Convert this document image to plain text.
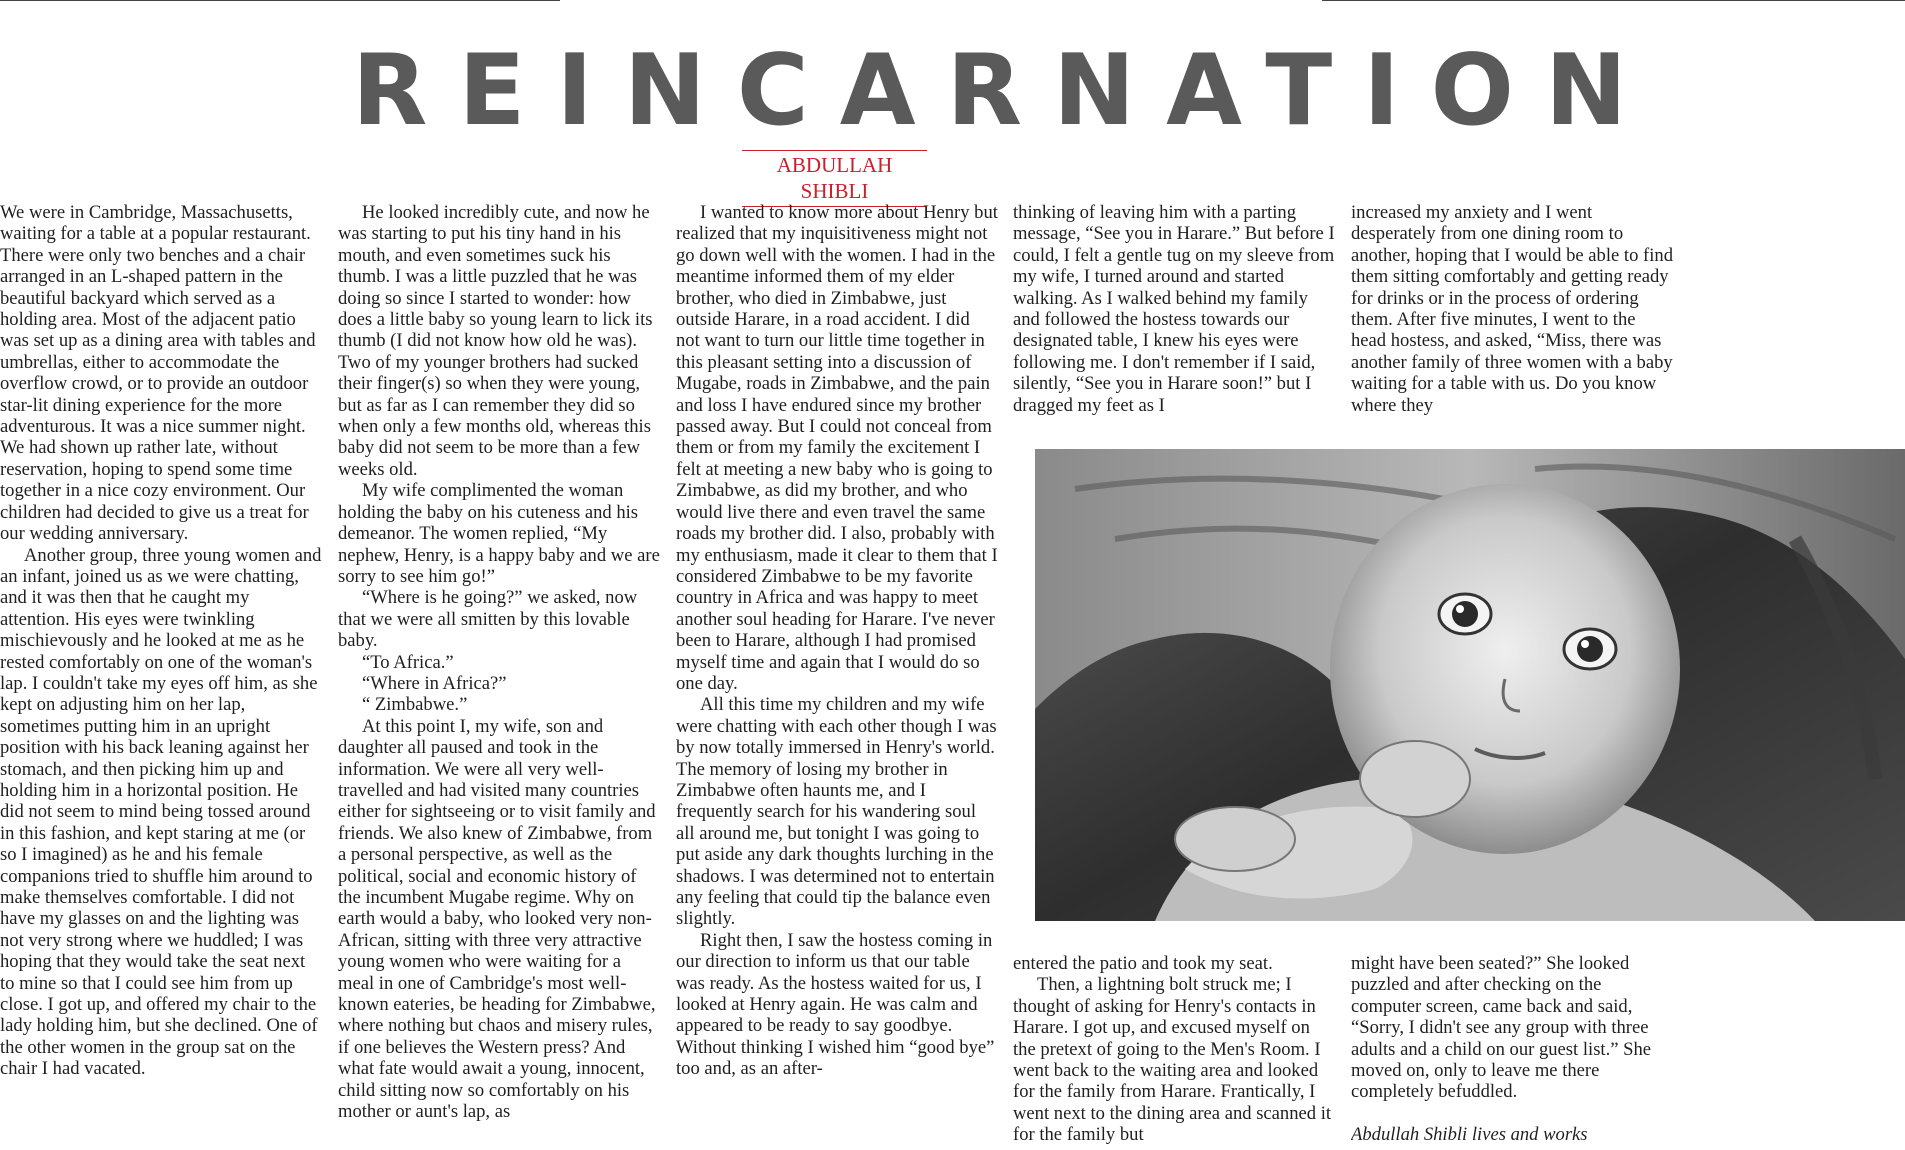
REINCARNATION
ABDULLAH SHIBLI

We were in Cambridge, Massachusetts, waiting for a table at a popular restaurant. There were only two benches and a chair arranged in an L-shaped pattern in the beautiful backyard which served as a holding area. Most of the adjacent patio was set up as a dining area with tables and umbrellas, either to accommodate the overflow crowd, or to provide an outdoor star-lit dining experience for the more adventurous. It was a nice summer night. We had shown up rather late, without reservation, hoping to spend some time together in a nice cozy environment. Our children had decided to give us a treat for our wedding anniversary.

Another group, three young women and an infant, joined us as we were chatting, and it was then that he caught my attention. His eyes were twinkling mischievously and he looked at me as he rested comfortably on one of the woman's lap. I couldn't take my eyes off him, as she kept on adjusting him on her lap, sometimes putting him in an upright position with his back leaning against her stomach, and then picking him up and holding him in a horizontal position. He did not seem to mind being tossed around in this fashion, and kept staring at me (or so I imagined) as he and his female companions tried to shuffle him around to make themselves comfortable. I did not have my glasses on and the lighting was not very strong where we huddled; I was hoping that they would take the seat next to mine so that I could see him from up close. I got up, and offered my chair to the lady holding him, but she declined. One of the other women in the group sat on the chair I had vacated.

He looked incredibly cute, and now he was starting to put his tiny hand in his mouth, and even sometimes suck his thumb. I was a little puzzled that he was doing so since I started to wonder: how does a little baby so young learn to lick its thumb (I did not know how old he was). Two of my younger brothers had sucked their finger(s) so when they were young, but as far as I can remember they did so when only a few months old, whereas this baby did not seem to be more than a few weeks old.

My wife complimented the woman holding the baby on his cuteness and his demeanor. The women replied, “My nephew, Henry, is a happy baby and we are sorry to see him go!”

“Where is he going?” we asked, now that we were all smitten by this lovable baby.

“To Africa.”

“Where in Africa?”

“ Zimbabwe.”

At this point I, my wife, son and daughter all paused and took in the information. We were all very well-travelled and had visited many countries either for sightseeing or to visit family and friends. We also knew of Zimbabwe, from a personal perspective, as well as the political, social and economic history of the incumbent Mugabe regime. Why on earth would a baby, who looked very non-African, sitting with three very attractive young women who were waiting for a meal in one of Cambridge's most well-known eateries, be heading for Zimbabwe, where nothing but chaos and misery rules, if one believes the Western press? And what fate would await a young, innocent, child sitting now so comfortably on his mother or aunt's lap, as

I wanted to know more about Henry but realized that my inquisitiveness might not go down well with the women. I had in the meantime informed them of my elder brother, who died in Zimbabwe, just outside Harare, in a road accident. I did not want to turn our little time together in this pleasant setting into a discussion of Mugabe, roads in Zimbabwe, and the pain and loss I have endured since my brother passed away. But I could not conceal from them or from my family the excitement I felt at meeting a new baby who is going to Zimbabwe, as did my brother, and who would live there and even travel the same roads my brother did. I also, probably with my enthusiasm, made it clear to them that I considered Zimbabwe to be my favorite country in Africa and was happy to meet another soul heading for Harare. I've never been to Harare, although I had promised myself time and again that I would do so one day.

All this time my children and my wife were chatting with each other though I was by now totally immersed in Henry's world. The memory of losing my brother in Zimbabwe often haunts me, and I frequently search for his wandering soul all around me, but tonight I was going to put aside any dark thoughts lurching in the shadows. I was determined not to entertain any feeling that could tip the balance even slightly.

Right then, I saw the hostess coming in our direction to inform us that our table was ready. As the hostess waited for us, I looked at Henry again. He was calm and appeared to be ready to say goodbye. Without thinking I wished him “good bye” too and, as an after-

thinking of leaving him with a parting message, “See you in Harare.” But before I could, I felt a gentle tug on my sleeve from my wife, I turned around and started walking. As I walked behind my family and followed the hostess towards our designated table, I knew his eyes were following me. I don't remember if I said, silently, “See you in Harare soon!” but I dragged my feet as I

increased my anxiety and I went desperately from one dining room to another, hoping that I would be able to find them sitting comfortably and getting ready for drinks or in the process of ordering them. After five minutes, I went to the head hostess, and asked, “Miss, there was another family of three women with a baby waiting for a table with us. Do you know where they

entered the patio and took my seat.

Then, a lightning bolt struck me; I thought of asking for Henry's contacts in Harare. I got up, and excused myself on the pretext of going to the Men's Room. I went back to the waiting area and looked for the family from Harare. Frantically, I went next to the dining area and scanned it for the family but

might have been seated?” She looked puzzled and after checking on the computer screen, came back and said, “Sorry, I didn't see any group with three adults and a child on our guest list.” She moved on, only to leave me there completely befuddled.

Abdullah Shibli lives and works
